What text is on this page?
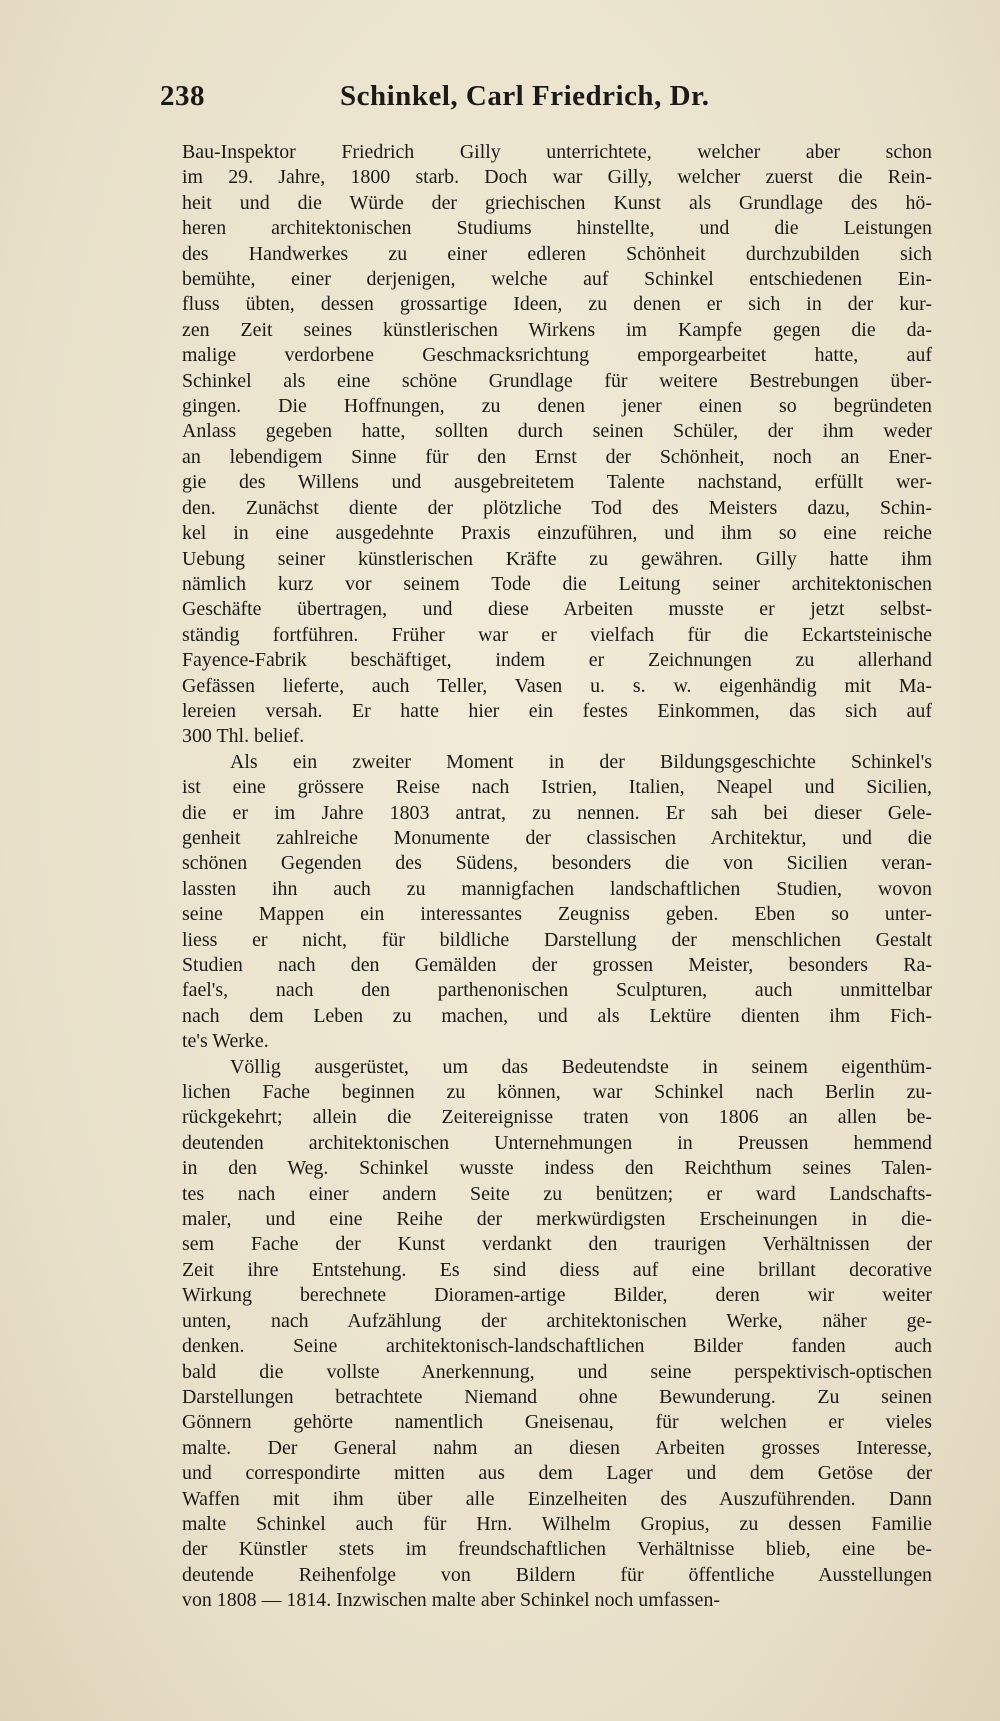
238	Schinkel, Carl Friedrich, Dr.

Bau-Inspektor Friedrich Gilly unterrichtete, welcher aber schon

im 29. Jahre, 1800 starb. Doch war Gilly, welcher zuerst die Rein-

heit und die Würde der griechischen Kunst als Grundlage des hö-

heren architektonischen Studiums hinstellte, und die Leistungen

des Handwerkes zu einer edleren Schönheit durchzubilden sich

bemühte, einer derjenigen, welche auf Schinkel entschiedenen Ein-

fluss übten, dessen grossartige Ideen, zu denen er sich in der kur-

zen Zeit seines künstlerischen Wirkens im Kampfe gegen die da-

malige verdorbene Geschmacksrichtung emporgearbeitet hatte, auf

Schinkel als eine schöne Grundlage für weitere Bestrebungen über-

gingen. Die Hoffnungen, zu denen jener einen so begründeten

Anlass gegeben hatte, sollten durch seinen Schüler, der ihm weder

an lebendigem Sinne für den Ernst der Schönheit, noch an Ener-

gie des Willens und ausgebreitetem Talente nachstand, erfüllt wer-

den. Zunächst diente der plötzliche Tod des Meisters dazu, Schin-

kel in eine ausgedehnte Praxis einzuführen, und ihm so eine reiche

Uebung seiner künstlerischen Kräfte zu gewähren. Gilly hatte ihm

nämlich kurz vor seinem Tode die Leitung seiner architektonischen

Geschäfte übertragen, und diese Arbeiten musste er jetzt selbst-

ständig fortführen. Früher war er vielfach für die Eckartsteinische

Fayence-Fabrik beschäftiget, indem er Zeichnungen zu allerhand

Gefässen lieferte, auch Teller, Vasen u. s. w. eigenhändig mit Ma-

lereien versah. Er hatte hier ein festes Einkommen, das sich auf

300 Thl. belief.

Als ein zweiter Moment in der Bildungsgeschichte Schinkel's

ist eine grössere Reise nach Istrien, Italien, Neapel und Sicilien,

die er im Jahre 1803 antrat, zu nennen. Er sah bei dieser Gele-

genheit zahlreiche Monumente der classischen Architektur, und die

schönen Gegenden des Südens, besonders die von Sicilien veran-

lassten ihn auch zu mannigfachen landschaftlichen Studien, wovon

seine Mappen ein interessantes Zeugniss geben. Eben so unter-

liess er nicht, für bildliche Darstellung der menschlichen Gestalt

Studien nach den Gemälden der grossen Meister, besonders Ra-

fael's, nach den parthenonischen Sculpturen, auch unmittelbar

nach dem Leben zu machen, und als Lektüre dienten ihm Fich-

te's Werke.

Völlig ausgerüstet, um das Bedeutendste in seinem eigenthüm-

lichen Fache beginnen zu können, war Schinkel nach Berlin zu-

rückgekehrt; allein die Zeitereignisse traten von 1806 an allen be-

deutenden architektonischen Unternehmungen in Preussen hemmend

in den Weg. Schinkel wusste indess den Reichthum seines Talen-

tes nach einer andern Seite zu benützen; er ward Landschafts-

maler, und eine Reihe der merkwürdigsten Erscheinungen in die-

sem Fache der Kunst verdankt den traurigen Verhältnissen der

Zeit ihre Entstehung. Es sind diess auf eine brillant decorative

Wirkung berechnete Dioramen-artige Bilder, deren wir weiter

unten, nach Aufzählung der architektonischen Werke, näher ge-

denken. Seine architektonisch-landschaftlichen Bilder fanden auch

bald die vollste Anerkennung, und seine perspektivisch-optischen

Darstellungen betrachtete Niemand ohne Bewunderung. Zu seinen

Gönnern gehörte namentlich Gneisenau, für welchen er vieles

malte. Der General nahm an diesen Arbeiten grosses Interesse,

und correspondirte mitten aus dem Lager und dem Getöse der

Waffen mit ihm über alle Einzelheiten des Auszuführenden. Dann

malte Schinkel auch für Hrn. Wilhelm Gropius, zu dessen Familie

der Künstler stets im freundschaftlichen Verhältnisse blieb, eine be-

deutende Reihenfolge von Bildern für öffentliche Ausstellungen

von 1808 — 1814. Inzwischen malte aber Schinkel noch umfassen-
